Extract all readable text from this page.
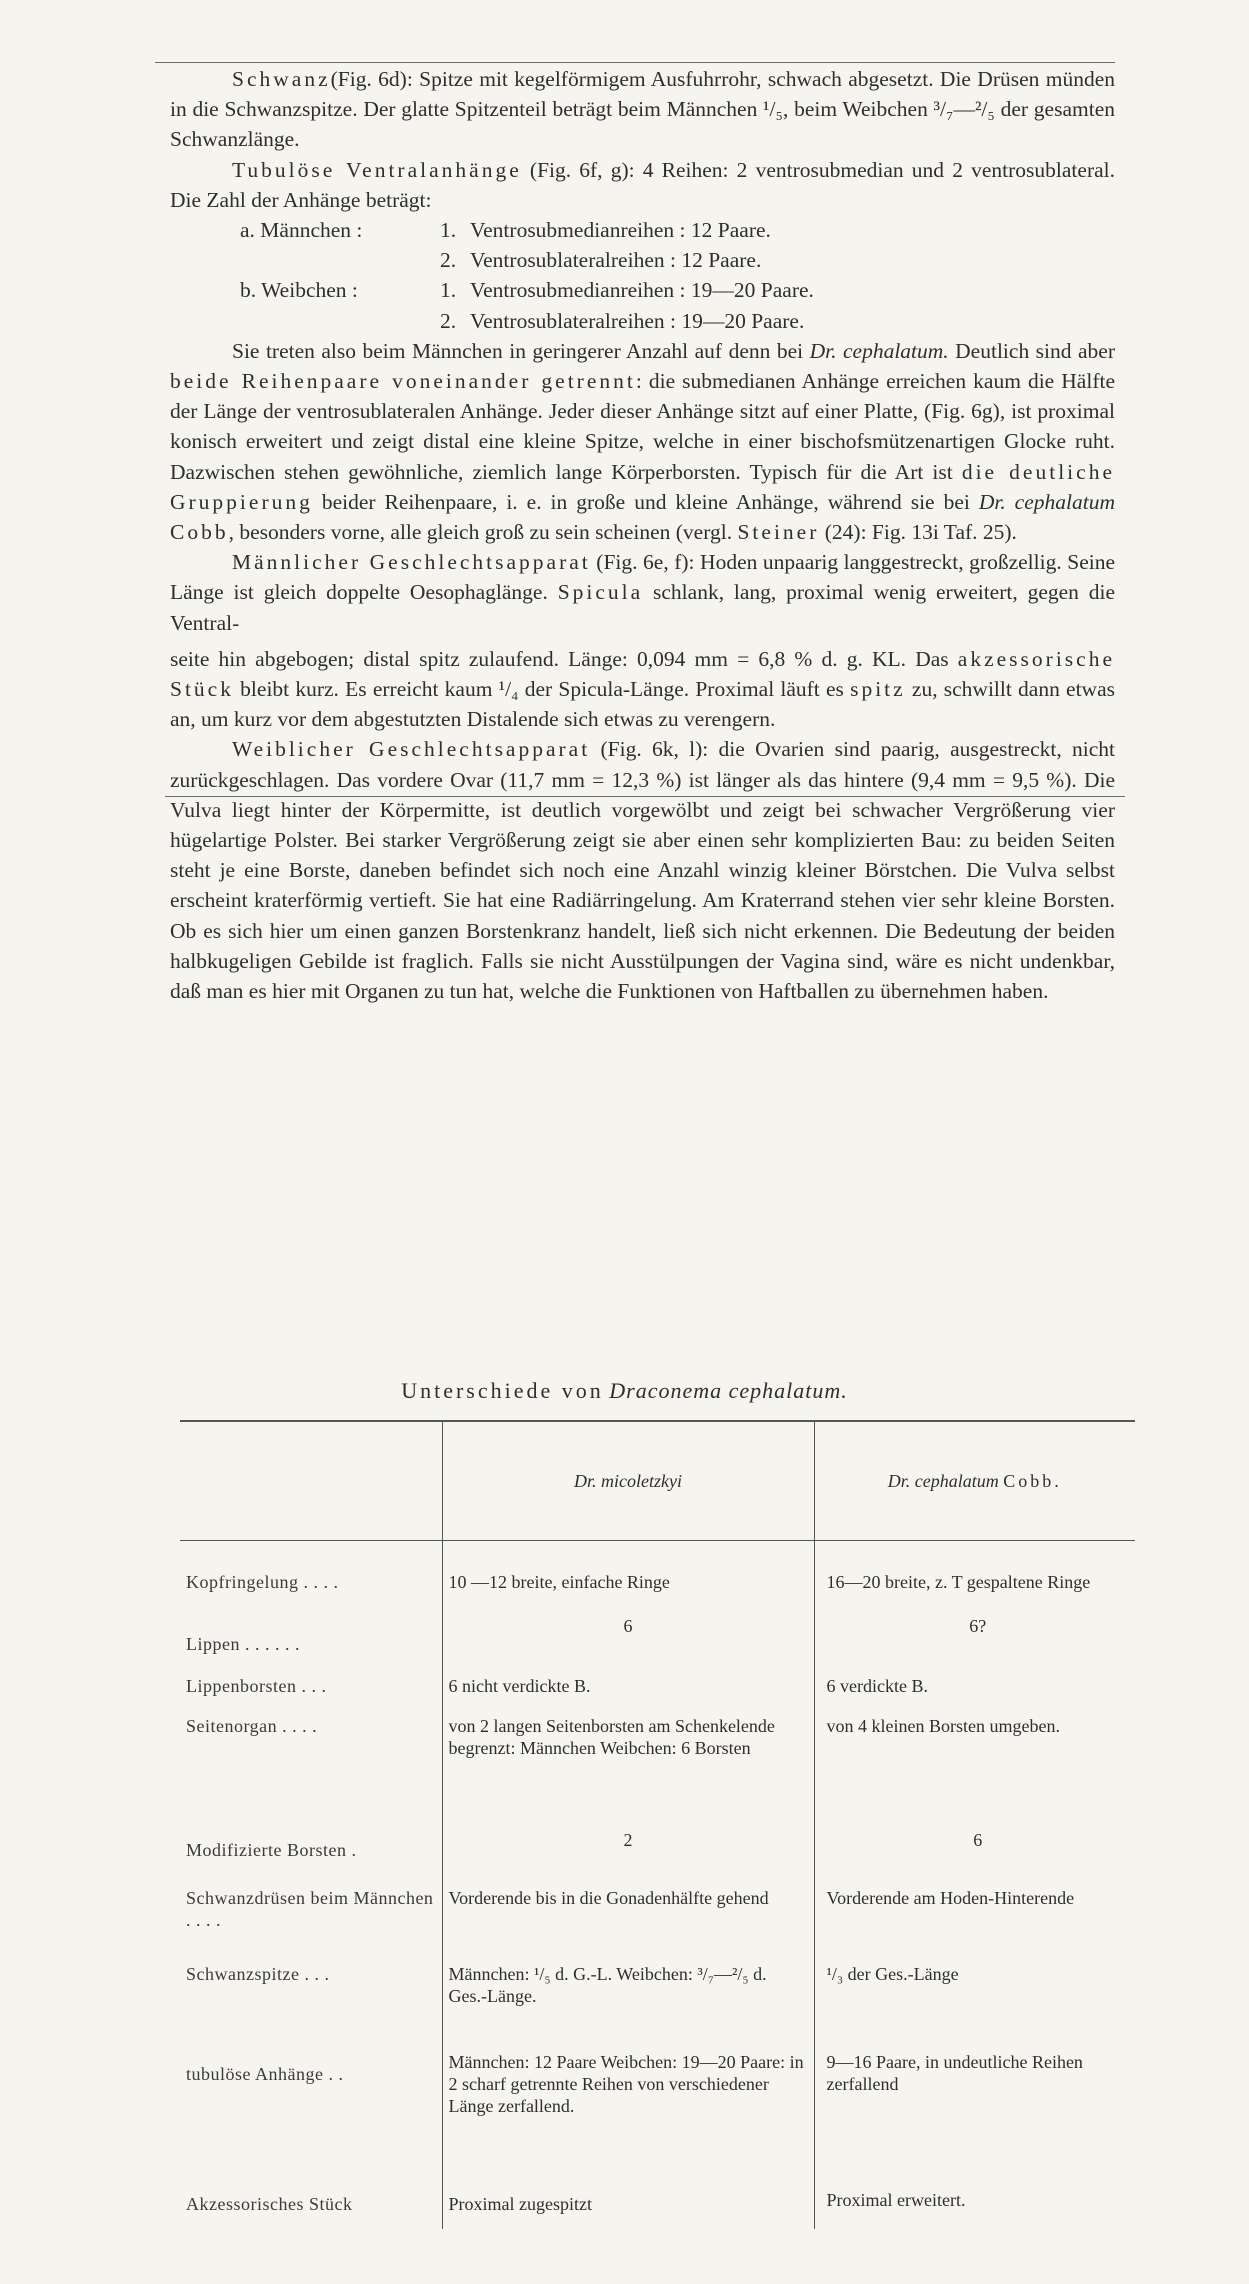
Schwanz(Fig. 6d): Spitze mit kegelförmigem Ausfuhrrohr, schwach abgesetzt. Die Drüsen münden in die Schwanzspitze. Der glatte Spitzenteil beträgt beim Männchen ¹/₅, beim Weibchen ³/₇—²/₅ der gesamten Schwanzlänge.

Tubulöse Ventralanhänge (Fig. 6f, g): 4 Reihen: 2 ventrosubmedian und 2 ventrosublateral. Die Zahl der Anhänge beträgt:

a. Männchen :	1. Ventrosubmedianreihen : 12 Paare.
2. Ventrosublateralreihen : 12 Paare.
b. Weibchen :	1. Ventrosubmedianreihen : 19—20 Paare.
2. Ventrosublateralreihen : 19—20 Paare.

Sie treten also beim Männchen in geringerer Anzahl auf denn bei Dr. cephalatum. Deutlich sind aber beide Reihenpaare voneinander getrennt: die submedianen Anhänge erreichen kaum die Hälfte der Länge der ventrosublateralen Anhänge. Jeder dieser Anhänge sitzt auf einer Platte, (Fig. 6g), ist proximal konisch erweitert und zeigt distal eine kleine Spitze, welche in einer bischofsmützenartigen Glocke ruht. Dazwischen stehen gewöhnliche, ziemlich lange Körperborsten. Typisch für die Art ist die deutliche Gruppierung beider Reihenpaare, i. e. in große und kleine Anhänge, während sie bei Dr. cephalatum Cobb, besonders vorne, alle gleich groß zu sein scheinen (vergl. Steiner (24): Fig. 13i Taf. 25).

Männlicher Geschlechtsapparat (Fig. 6e, f): Hoden unpaarig langgestreckt, großzellig. Seine Länge ist gleich doppelte Oesophaglänge. Spicula schlank, lang, proximal wenig erweitert, gegen die Ventral-

seite hin abgebogen; distal spitz zulaufend. Länge: 0,094 mm = 6,8 % d. g. KL. Das akzessorische Stück bleibt kurz. Es erreicht kaum ¹/₄ der Spicula-Länge. Proximal läuft es spitz zu, schwillt dann etwas an, um kurz vor dem abgestutzten Distalende sich etwas zu verengern.

Weiblicher Geschlechtsapparat (Fig. 6k, l): die Ovarien sind paarig, ausgestreckt, nicht zurückgeschlagen. Das vordere Ovar (11,7 mm = 12,3 %) ist länger als das hintere (9,4 mm = 9,5 %). Die Vulva liegt hinter der Körpermitte, ist deutlich vorgewölbt und zeigt bei schwacher Vergrößerung vier hügelartige Polster. Bei starker Vergrößerung zeigt sie aber einen sehr komplizierten Bau: zu beiden Seiten steht je eine Borste, daneben befindet sich noch eine Anzahl winzig kleiner Börstchen. Die Vulva selbst erscheint kraterförmig vertieft. Sie hat eine Radiärringelung. Am Kraterrand stehen vier sehr kleine Borsten. Ob es sich hier um einen ganzen Borstenkranz handelt, ließ sich nicht erkennen. Die Bedeutung der beiden halbkugeligen Gebilde ist fraglich. Falls sie nicht Ausstülpungen der Vagina sind, wäre es nicht undenkbar, daß man es hier mit Organen zu tun hat, welche die Funktionen von Haftballen zu übernehmen haben.

Unterschiede von Draconema cephalatum.
	Dr. micoletzkyi	Dr. cephalatum Cobb.
Kopfringelung . . . .	10 —12 breite, einfache Ringe	16—20 breite, z. T gespaltene Ringe
Lippen . . . . . .	6	6?
Lippenborsten . . .	6 nicht verdickte B.	6 verdickte B.
Seitenorgan . . . .	von 2 langen Seitenborsten am Schenkelende begrenzt: Männchen Weibchen: 6 Borsten	von 4 kleinen Borsten umgeben.
Modifizierte Borsten .	2	6
Schwanzdrüsen beim Männchen . . . .	Vorderende bis in die Gonadenhälfte gehend	Vorderende am Hoden-Hinterende
Schwanzspitze . . .	Männchen: ¹/₅ d. G.-L. Weibchen: ³/₇—²/₅ d. Ges.-Länge.	¹/₃ der Ges.-Länge
tubulöse Anhänge . .	Männchen: 12 Paare Weibchen: 19—20 Paare: in 2 scharf getrennte Reihen von verschiedener Länge zerfallend.	9—16 Paare, in undeutliche Reihen zerfallend
Akzessorisches Stück	Proximal zugespitzt	Proximal erweitert.
